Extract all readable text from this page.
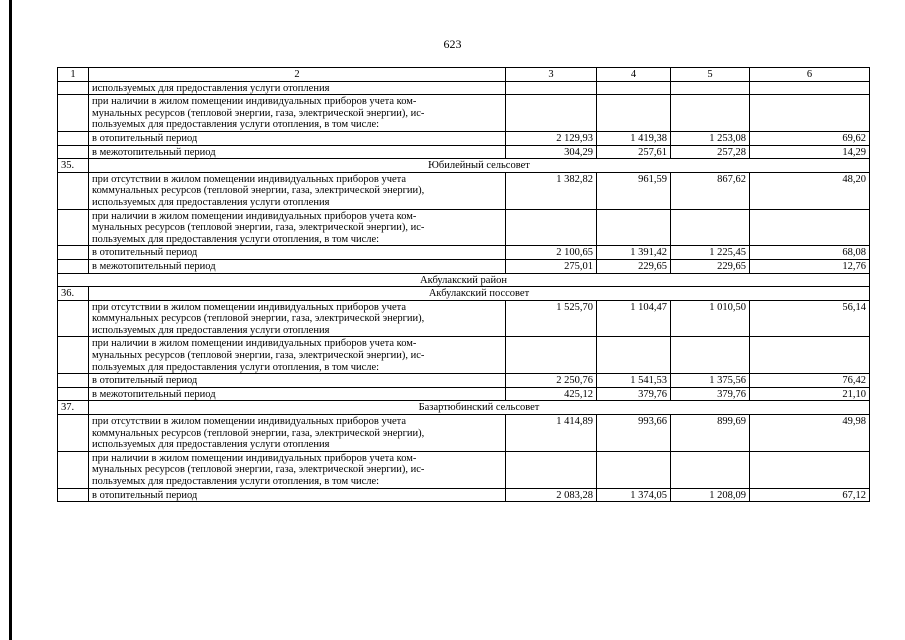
623
1	2	3	4	5	6

	используемых для предоставления услуги отопления				

	при наличии в жилом помещении индивидуальных приборов учета ком-
мунальных ресурсов (тепловой энергии, газа, электрической энергии), ис-
пользуемых для предоставления услуги отопления, в том числе:				

	в отопительный период	2 129,93	1 419,38	1 253,08	69,62

	в межотопительный период	304,29	257,61	257,28	14,29
35.	Юбилейный сельсовет				

	при отсутствии в жилом помещении индивидуальных приборов учета
коммунальных ресурсов (тепловой энергии, газа, электрической энергии),
используемых для предоставления услуги отопления	1 382,82	961,59	867,62	48,20

	при наличии в жилом помещении индивидуальных приборов учета ком-
мунальных ресурсов (тепловой энергии, газа, электрической энергии), ис-
пользуемых для предоставления услуги отопления, в том числе:				

	в отопительный период	2 100,65	1 391,42	1 225,45	68,08

	в межотопительный период	275,01	229,65	229,65	12,76
Акбулакский район					
36.	Акбулакский поссовет				

	при отсутствии в жилом помещении индивидуальных приборов учета
коммунальных ресурсов (тепловой энергии, газа, электрической энергии),
используемых для предоставления услуги отопления	1 525,70	1 104,47	1 010,50	56,14

	при наличии в жилом помещении индивидуальных приборов учета ком-
мунальных ресурсов (тепловой энергии, газа, электрической энергии), ис-
пользуемых для предоставления услуги отопления, в том числе:				

	в отопительный период	2 250,76	1 541,53	1 375,56	76,42

	в межотопительный период	425,12	379,76	379,76	21,10
37.	Базартюбинский сельсовет				

	при отсутствии в жилом помещении индивидуальных приборов учета
коммунальных ресурсов (тепловой энергии, газа, электрической энергии),
используемых для предоставления услуги отопления	1 414,89	993,66	899,69	49,98

	при наличии в жилом помещении индивидуальных приборов учета ком-
мунальных ресурсов (тепловой энергии, газа, электрической энергии), ис-
пользуемых для предоставления услуги отопления, в том числе:				

	в отопительный период	2 083,28	1 374,05	1 208,09	67,12
